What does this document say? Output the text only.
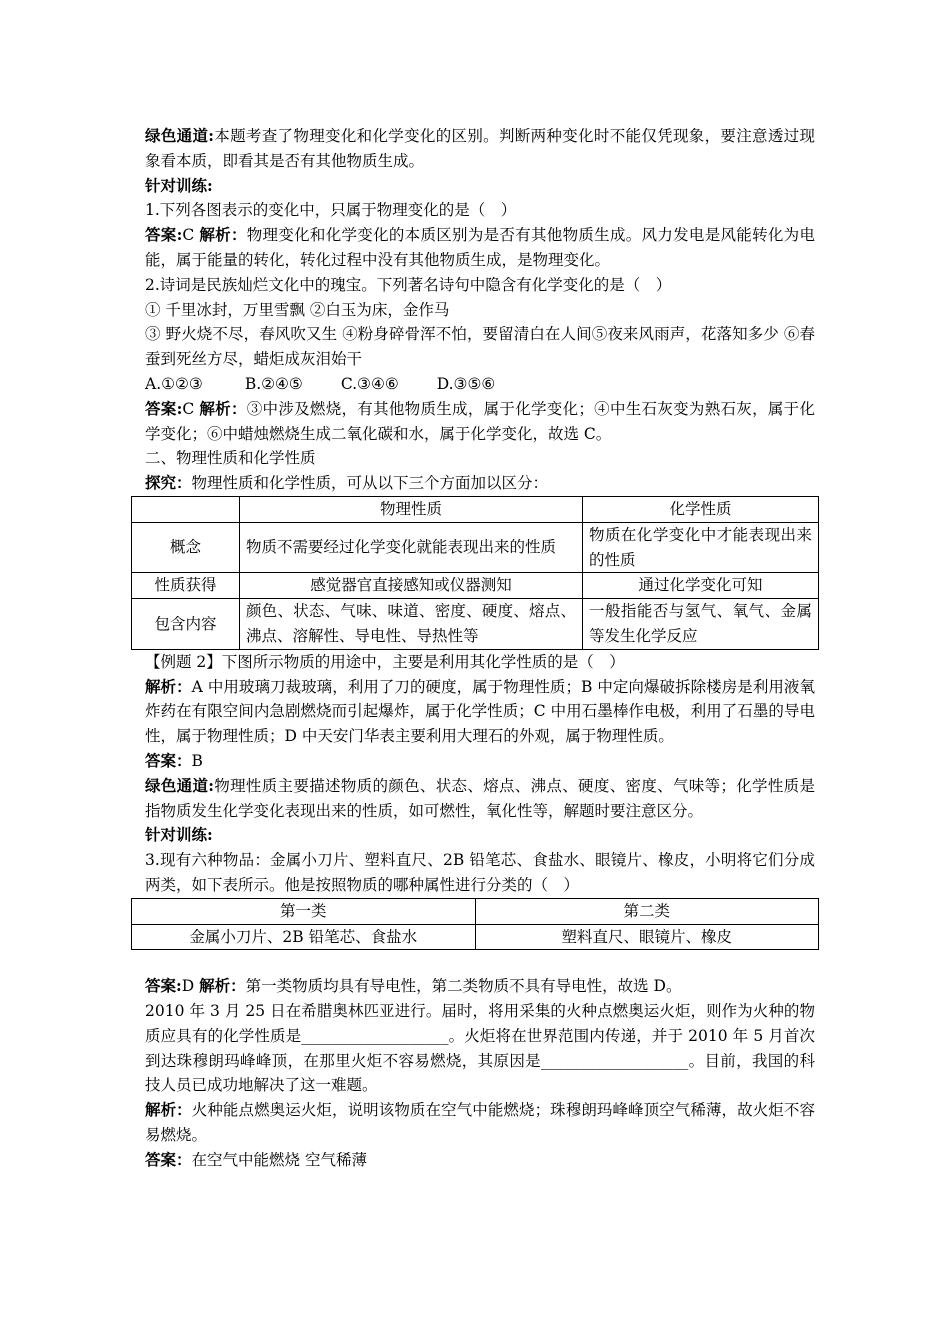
绿色通道:本题考查了物理变化和化学变化的区别。判断两种变化时不能仅凭现象，要注意透过现象看本质，即看其是否有其他物质生成。

针对训练:

1.下列各图表示的变化中，只属于物理变化的是（　）

答案:C 解析：物理变化和化学变化的本质区别为是否有其他物质生成。风力发电是风能转化为电能，属于能量的转化，转化过程中没有其他物质生成，是物理变化。

2.诗词是民族灿烂文化中的瑰宝。下列著名诗句中隐含有化学变化的是（　）

① 千里冰封，万里雪飘 ②白玉为床，金作马

③ 野火烧不尽，春风吹又生 ④粉身碎骨浑不怕，要留清白在人间⑤夜来风雨声，花落知多少 ⑥春蚕到死丝方尽，蜡炬成灰泪始干

A.①②③	B.②④⑤ C.③④⑥ D.③⑤⑥

答案:C 解析：③中涉及燃烧，有其他物质生成，属于化学变化；④中生石灰变为熟石灰，属于化学变化；⑥中蜡烛燃烧生成二氧化碳和水，属于化学变化，故选 C。

二、物理性质和化学性质

探究：物理性质和化学性质，可从以下三个方面加以区分：

	物理性质	化学性质
概念	物质不需要经过化学变化就能表现出来的性质	物质在化学变化中才能表现出来的性质
性质获得	感觉器官直接感知或仪器测知	通过化学变化可知
包含内容	颜色、状态、气味、味道、密度、硬度、熔点、沸点、溶解性、导电性、导热性等	一般指能否与氢气、氧气、金属等发生化学反应

【例题 2】下图所示物质的用途中，主要是利用其化学性质的是（　）

解析：A 中用玻璃刀裁玻璃，利用了刀的硬度，属于物理性质；B 中定向爆破拆除楼房是利用液氧炸药在有限空间内急剧燃烧而引起爆炸，属于化学性质；C 中用石墨棒作电极，利用了石墨的导电性，属于物理性质；D 中天安门华表主要利用大理石的外观，属于物理性质。

答案：B

绿色通道:物理性质主要描述物质的颜色、状态、熔点、沸点、硬度、密度、气味等；化学性质是指物质发生化学变化表现出来的性质，如可燃性，氧化性等，解题时要注意区分。

针对训练:

3.现有六种物品：金属小刀片、塑料直尺、2B 铅笔芯、食盐水、眼镜片、橡皮，小明将它们分成两类，如下表所示。他是按照物质的哪种属性进行分类的（　）

第一类	第二类
金属小刀片、2B 铅笔芯、食盐水	塑料直尺、眼镜片、橡皮

答案:D 解析：第一类物质均具有导电性，第二类物质不具有导电性，故选 D。

2010 年 3 月 25 日在希腊奥林匹亚进行。届时，将用采集的火种点燃奥运火炬，则作为火种的物质应具有的化学性质是___________________。火炬将在世界范围内传递，并于 2010 年 5 月首次到达珠穆朗玛峰峰顶，在那里火炬不容易燃烧，其原因是___________________。目前，我国的科技人员已成功地解决了这一难题。

解析：火种能点燃奥运火炬，说明该物质在空气中能燃烧；珠穆朗玛峰峰顶空气稀薄，故火炬不容易燃烧。

答案：在空气中能燃烧 空气稀薄
